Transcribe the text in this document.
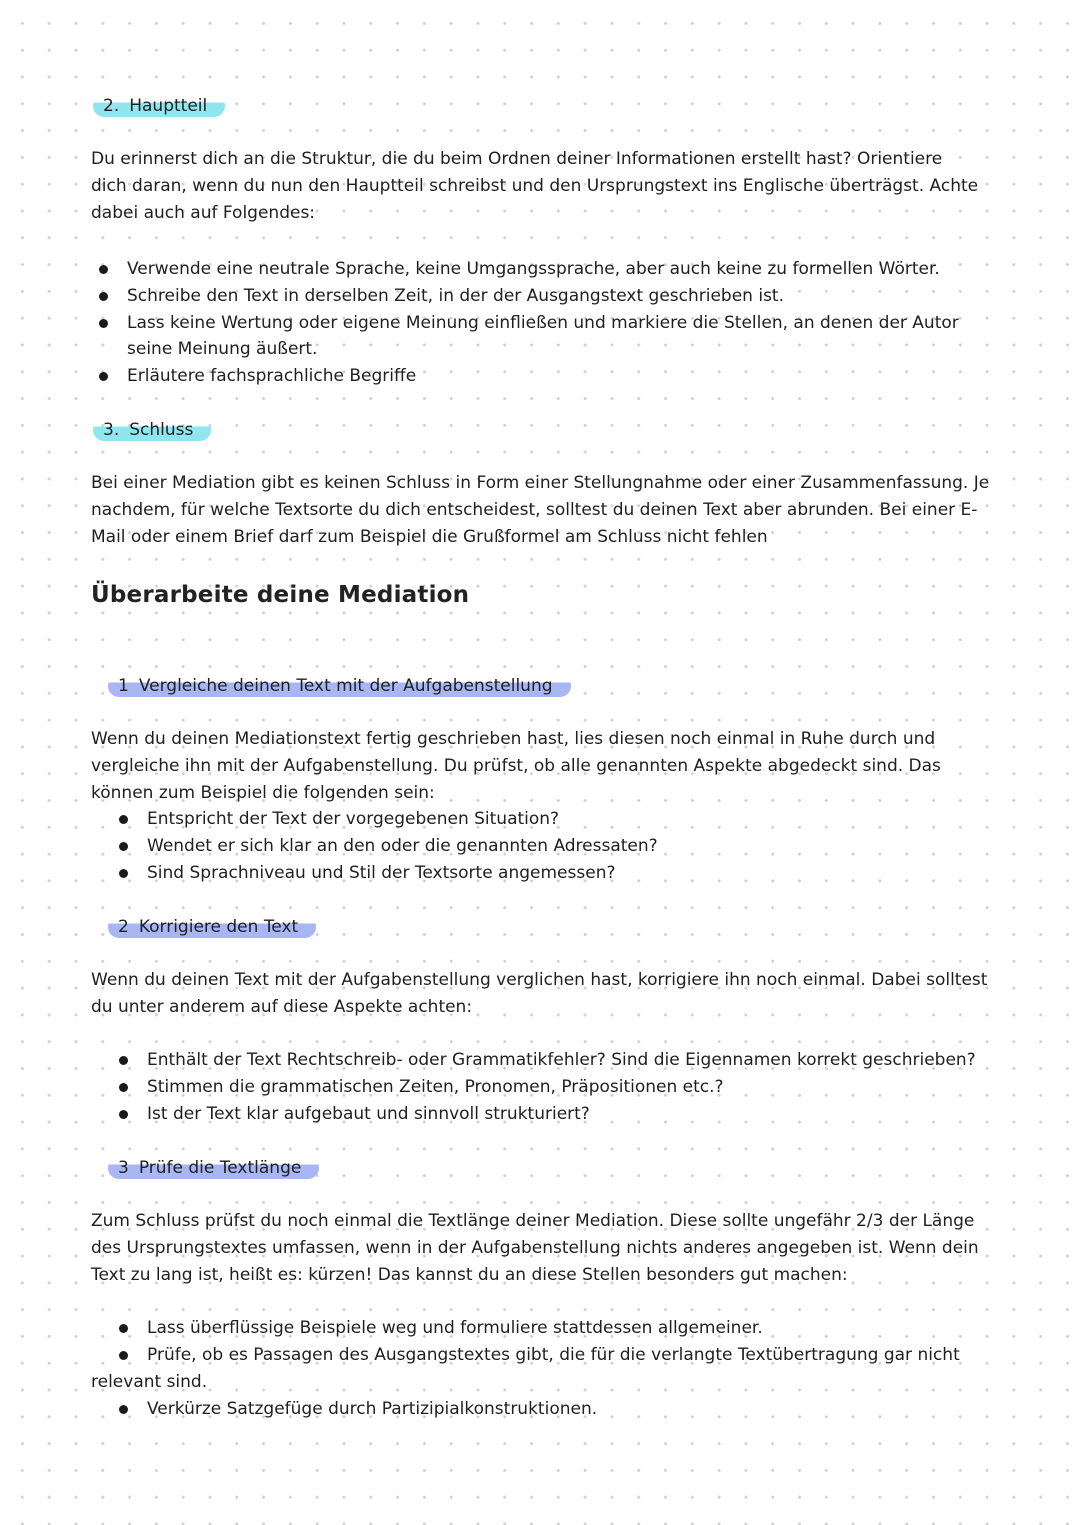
2. Hauptteil
Du erinnerst dich an die Struktur, die du beim Ordnen deiner Informationen erstellt hast? Orientiere
dich daran, wenn du nun den Hauptteil schreibst und den Ursprungstext ins Englische überträgst. Achte
dabei auch auf Folgendes:
Verwende eine neutrale Sprache, keine Umgangssprache, aber auch keine zu formellen Wörter.
Schreibe den Text in derselben Zeit, in der der Ausgangstext geschrieben ist.
Lass keine Wertung oder eigene Meinung einfließen und markiere die Stellen, an denen der Autor
seine Meinung äußert.
Erläutere fachsprachliche Begriffe
3. Schluss
Bei einer Mediation gibt es keinen Schluss in Form einer Stellungnahme oder einer Zusammenfassung. Je
nachdem, für welche Textsorte du dich entscheidest, solltest du deinen Text aber abrunden. Bei einer E-
Mail oder einem Brief darf zum Beispiel die Grußformel am Schluss nicht fehlen
Überarbeite deine Mediation
1 Vergleiche deinen Text mit der Aufgabenstellung
Wenn du deinen Mediationstext fertig geschrieben hast, lies diesen noch einmal in Ruhe durch und
vergleiche ihn mit der Aufgabenstellung. Du prüfst, ob alle genannten Aspekte abgedeckt sind. Das
können zum Beispiel die folgenden sein:
Entspricht der Text der vorgegebenen Situation?
Wendet er sich klar an den oder die genannten Adressaten?
Sind Sprachniveau und Stil der Textsorte angemessen?
2 Korrigiere den Text
Wenn du deinen Text mit der Aufgabenstellung verglichen hast, korrigiere ihn noch einmal. Dabei solltest
du unter anderem auf diese Aspekte achten:
Enthält der Text Rechtschreib- oder Grammatikfehler? Sind die Eigennamen korrekt geschrieben?
Stimmen die grammatischen Zeiten, Pronomen, Präpositionen etc.?
Ist der Text klar aufgebaut und sinnvoll strukturiert?
3 Prüfe die Textlänge
Zum Schluss prüfst du noch einmal die Textlänge deiner Mediation. Diese sollte ungefähr 2/3 der Länge
des Ursprungstextes umfassen, wenn in der Aufgabenstellung nichts anderes angegeben ist. Wenn dein
Text zu lang ist, heißt es: kürzen! Das kannst du an diese Stellen besonders gut machen:
Lass überflüssige Beispiele weg und formuliere stattdessen allgemeiner.
Prüfe, ob es Passagen des Ausgangstextes gibt, die für die verlangte Textübertragung gar nicht
relevant sind.
Verkürze Satzgefüge durch Partizipialkonstruktionen.
